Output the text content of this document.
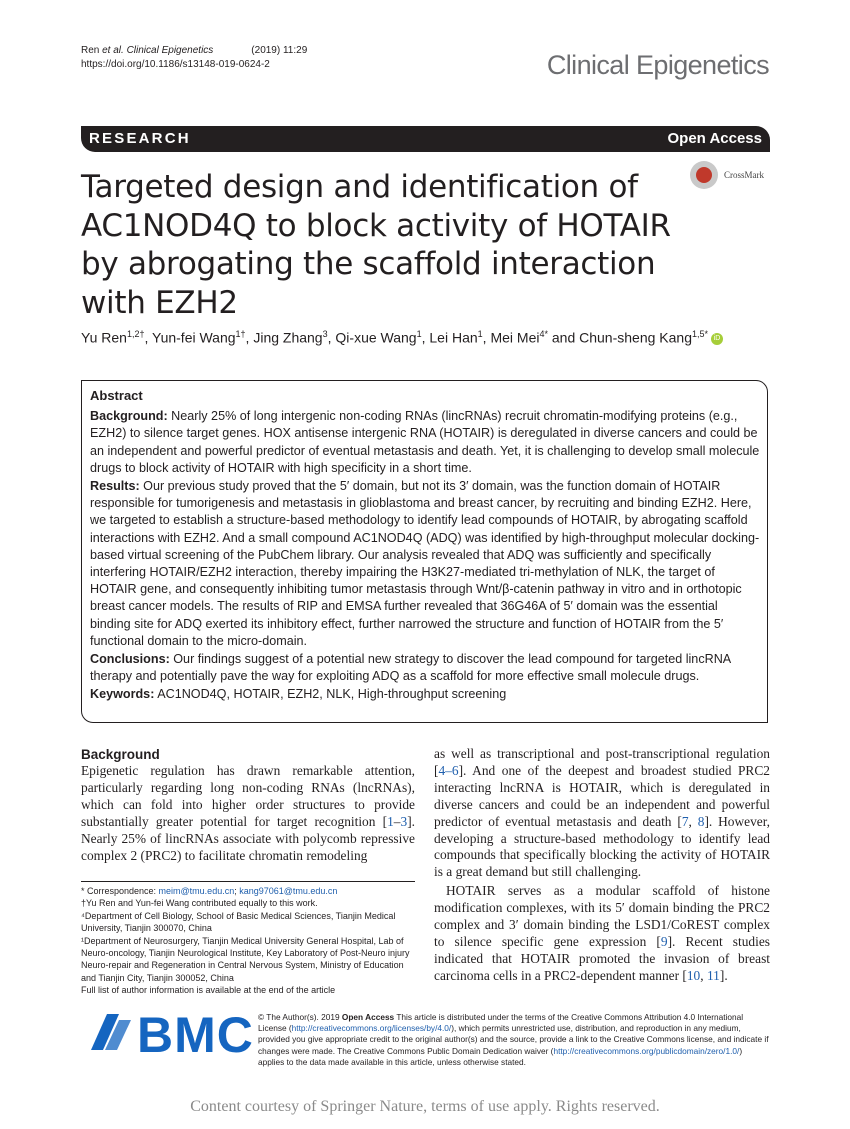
Ren et al. Clinical Epigenetics	(2019) 11:29
https://doi.org/10.1186/s13148-019-0624-2	Clinical Epigenetics
RESEARCH	Open Access
Targeted design and identification of AC1NOD4Q to block activity of HOTAIR by abrogating the scaffold interaction with EZH2
CrossMark
Yu Ren$^{1,2\dagger}$, Yun-fei Wang$^{1\dagger}$, Jing Zhang$^3$, Qi-xue Wang$^1$, Lei Han$^1$, Mei Mei$^{4*}$ and Chun-sheng Kang$^{1,5*}$ iD
Abstract

Background: Nearly 25% of long intergenic non-coding RNAs (lincRNAs) recruit chromatin-modifying proteins (e.g., EZH2) to silence target genes. HOX antisense intergenic RNA (HOTAIR) is deregulated in diverse cancers and could be an independent and powerful predictor of eventual metastasis and death. Yet, it is challenging to develop small molecule drugs to block activity of HOTAIR with high specificity in a short time.

Results: Our previous study proved that the 5′ domain, but not its 3′ domain, was the function domain of HOTAIR responsible for tumorigenesis and metastasis in glioblastoma and breast cancer, by recruiting and binding EZH2. Here, we targeted to establish a structure-based methodology to identify lead compounds of HOTAIR, by abrogating scaffold interactions with EZH2. And a small compound AC1NOD4Q (ADQ) was identified by high-throughput molecular docking-based virtual screening of the PubChem library. Our analysis revealed that ADQ was sufficiently and specifically interfering HOTAIR/EZH2 interaction, thereby impairing the H3K27-mediated tri-methylation of NLK, the target of HOTAIR gene, and consequently inhibiting tumor metastasis through Wnt/β-catenin pathway in vitro and in orthotopic breast cancer models. The results of RIP and EMSA further revealed that 36G46A of 5′ domain was the essential binding site for ADQ exerted its inhibitory effect, further narrowed the structure and function of HOTAIR from the 5′ functional domain to the micro-domain.

Conclusions: Our findings suggest of a potential new strategy to discover the lead compound for targeted lincRNA therapy and potentially pave the way for exploiting ADQ as a scaffold for more effective small molecule drugs.

Keywords: AC1NOD4Q, HOTAIR, EZH2, NLK, High-throughput screening

Background

Epigenetic regulation has drawn remarkable attention, particularly regarding long non-coding RNAs (lncRNAs), which can fold into higher order structures to provide substantially greater potential for target recognition [1–3]. Nearly 25% of lincRNAs associate with polycomb repressive complex 2 (PRC2) to facilitate chromatin remodeling

as well as transcriptional and post-transcriptional regulation [4–6]. And one of the deepest and broadest studied PRC2 interacting lncRNA is HOTAIR, which is deregulated in diverse cancers and could be an independent and powerful predictor of eventual metastasis and death [7, 8]. However, developing a structure-based methodology to identify lead compounds that specifically blocking the activity of HOTAIR is a great demand but still challenging.

HOTAIR serves as a modular scaffold of histone modification complexes, with its 5′ domain binding the PRC2 complex and 3′ domain binding the LSD1/CoREST complex to silence specific gene expression [9]. Recent studies indicated that HOTAIR promoted the invasion of breast carcinoma cells in a PRC2-dependent manner [10, 11].

* Correspondence: meim@tmu.edu.cn; kang97061@tmu.edu.cn

†Yu Ren and Yun-fei Wang contributed equally to this work.

⁴Department of Cell Biology, School of Basic Medical Sciences, Tianjin Medical University, Tianjin 300070, China

¹Department of Neurosurgery, Tianjin Medical University General Hospital, Lab of Neuro-oncology, Tianjin Neurological Institute, Key Laboratory of Post-Neuro injury Neuro-repair and Regeneration in Central Nervous System, Ministry of Education and Tianjin City, Tianjin 300052, China

Full list of author information is available at the end of the article

BMC © The Author(s). 2019 Open Access This article is distributed under the terms of the Creative Commons Attribution 4.0 International License (http://creativecommons.org/licenses/by/4.0/), which permits unrestricted use, distribution, and reproduction in any medium, provided you give appropriate credit to the original author(s) and the source, provide a link to the Creative Commons license, and indicate if changes were made. The Creative Commons Public Domain Dedication waiver (http://creativecommons.org/publicdomain/zero/1.0/) applies to the data made available in this article, unless otherwise stated.
Content courtesy of Springer Nature, terms of use apply. Rights reserved.
